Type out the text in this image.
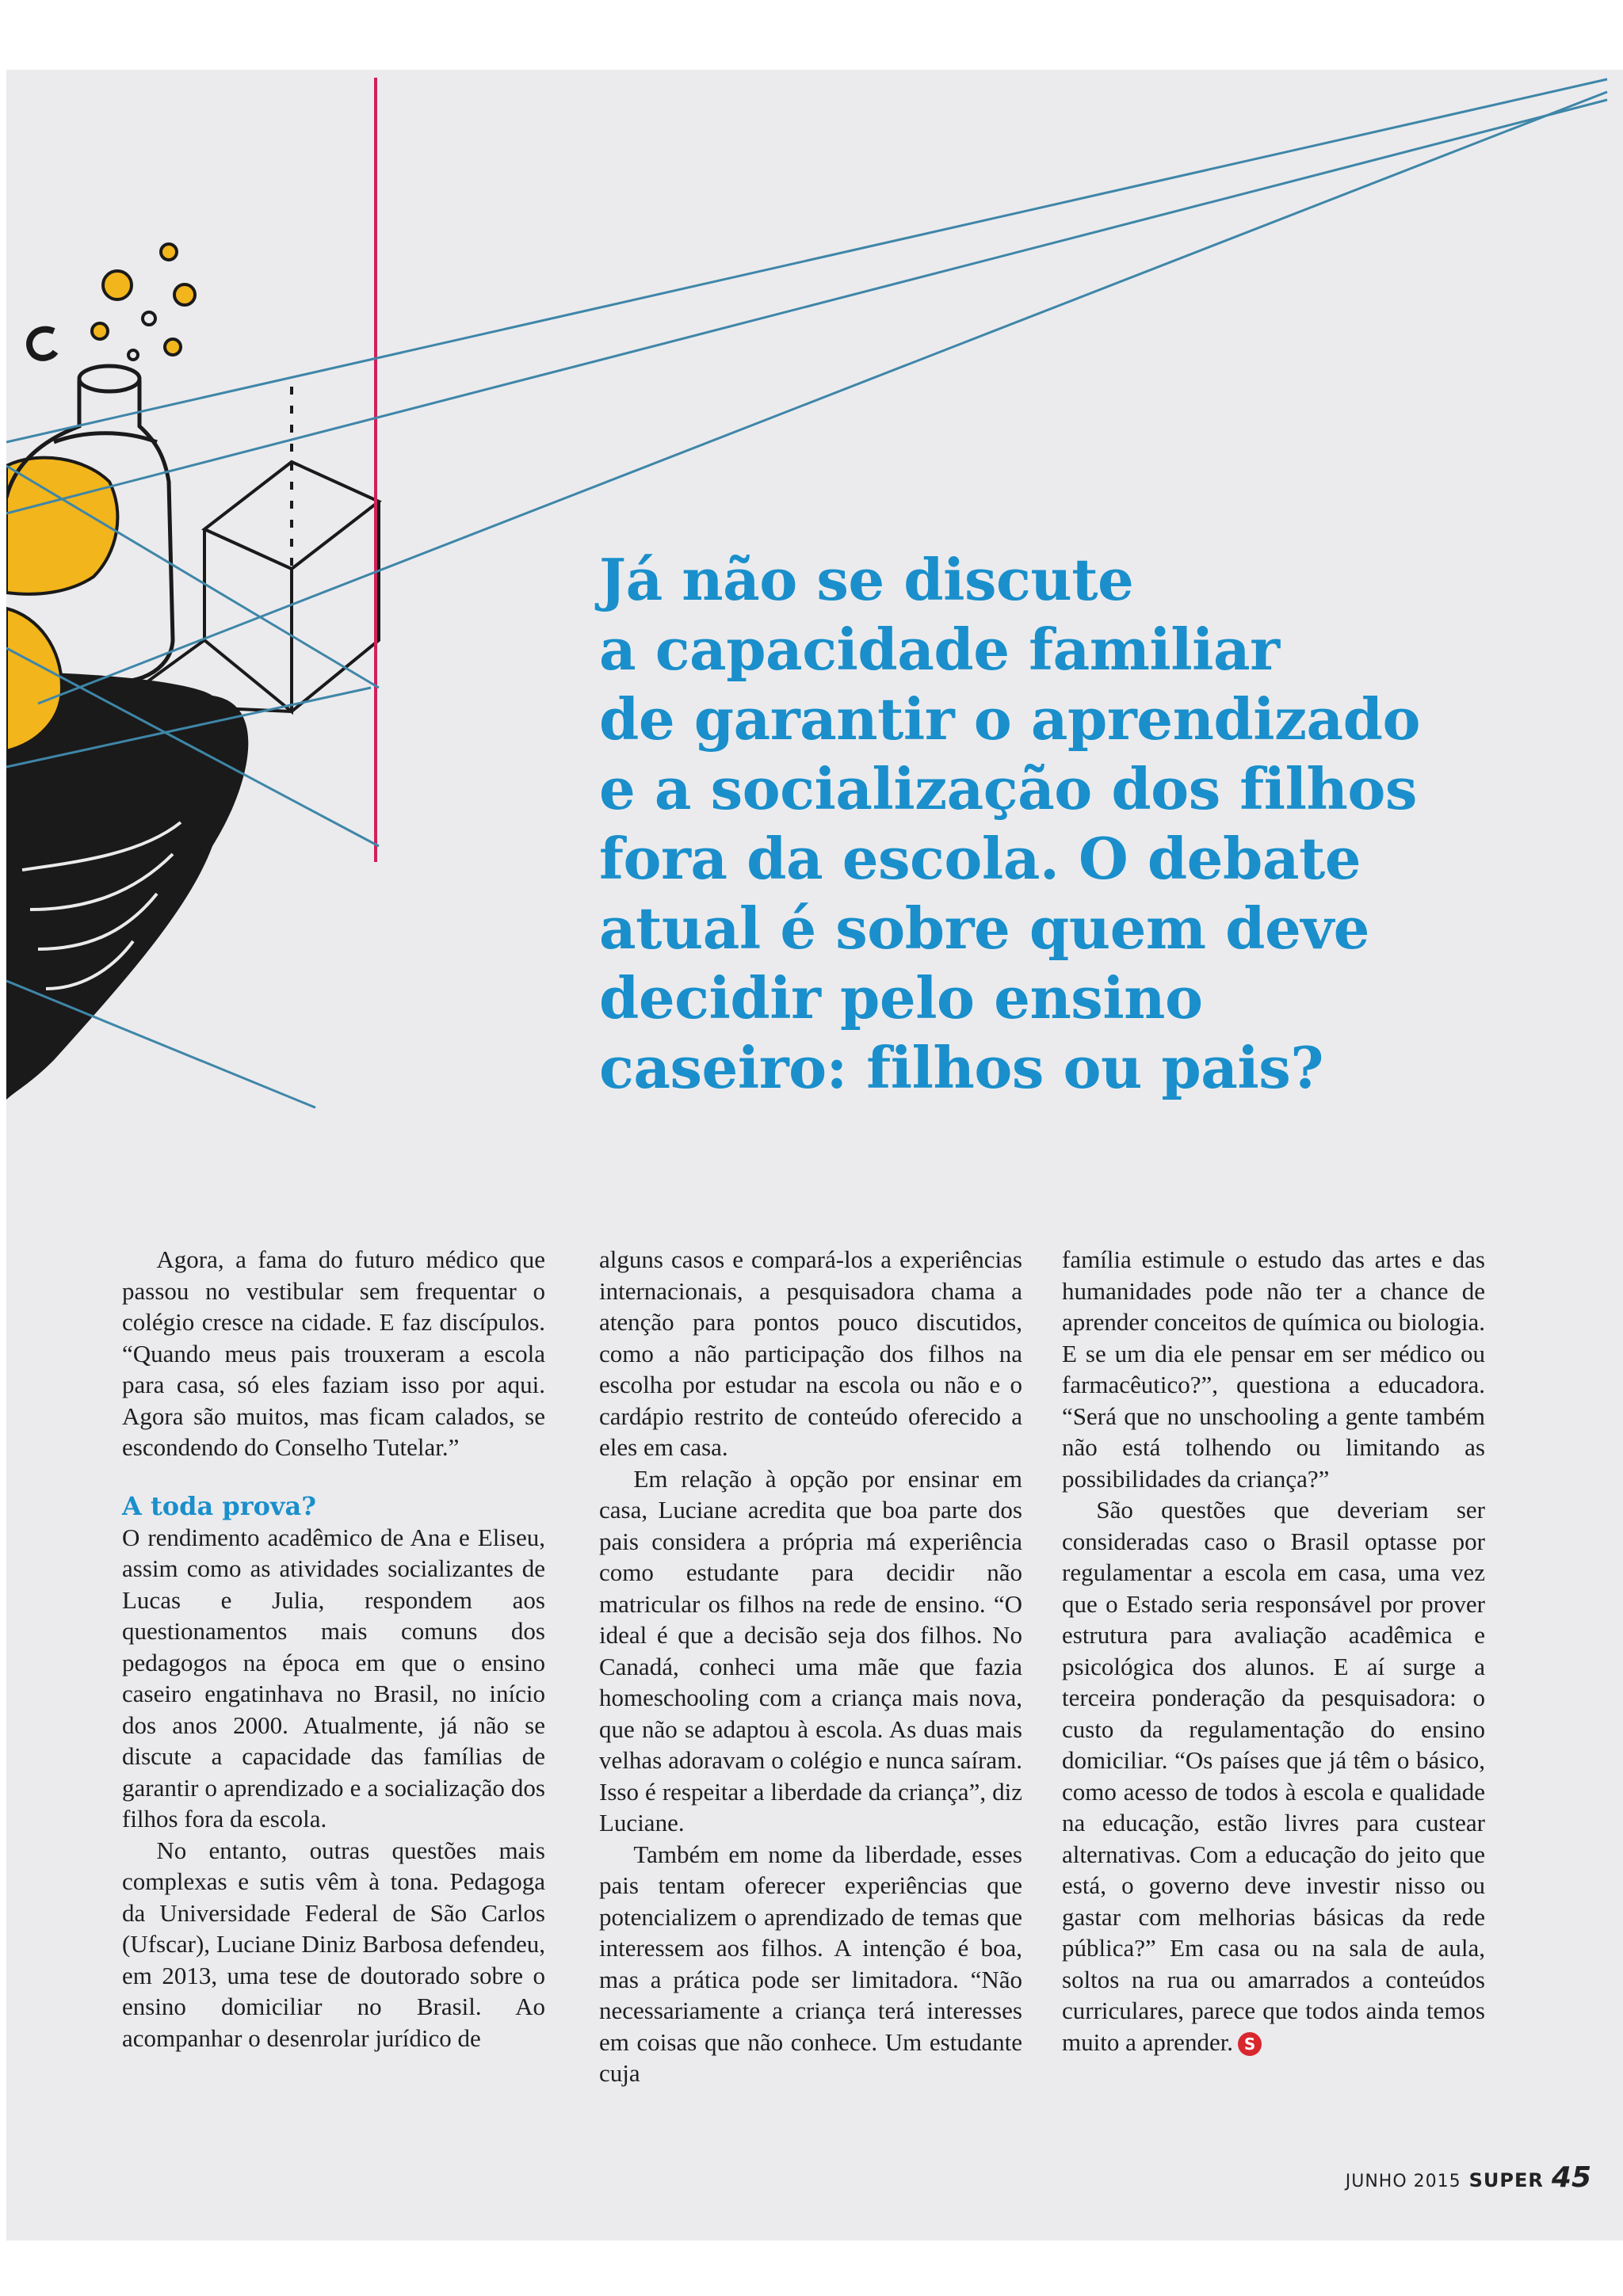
Já não se discute
a capacidade familiar
de garantir o aprendizado
e a socialização dos filhos
fora da escola. O debate
atual é sobre quem deve
decidir pelo ensino
caseiro: filhos ou pais?

Agora, a fama do futuro médico que passou no vestibular sem frequentar o colégio cresce na cidade. E faz discípulos. “Quando meus pais trouxeram a escola para casa, só eles faziam isso por aqui. Agora são muitos, mas ficam calados, se escondendo do Conselho Tutelar.”

A toda prova?

O rendimento acadêmico de Ana e Eliseu, assim como as atividades socializantes de Lucas e Julia, respondem aos questionamentos mais comuns dos pedagogos na época em que o ensino caseiro engatinhava no Brasil, no início dos anos 2000. Atualmente, já não se discute a capacidade das famílias de garantir o aprendizado e a socialização dos filhos fora da escola.

No entanto, outras questões mais complexas e sutis vêm à tona. Pedagoga da Universidade Federal de São Carlos (Ufscar), Luciane Diniz Barbosa defendeu, em 2013, uma tese de doutorado sobre o ensino domiciliar no Brasil. Ao acompanhar o desenrolar jurídico de

alguns casos e compará-los a experiências internacionais, a pesquisadora chama a atenção para pontos pouco discutidos, como a não participação dos filhos na escolha por estudar na escola ou não e o cardápio restrito de conteúdo oferecido a eles em casa.

Em relação à opção por ensinar em casa, Luciane acredita que boa parte dos pais considera a própria má experiência como estudante para decidir não matricular os filhos na rede de ensino. “O ideal é que a decisão seja dos filhos. No Canadá, conheci uma mãe que fazia homeschooling com a criança mais nova, que não se adaptou à escola. As duas mais velhas adoravam o colégio e nunca saíram. Isso é respeitar a liberdade da criança”, diz Luciane.

Também em nome da liberdade, esses pais tentam oferecer experiências que potencializem o aprendizado de temas que interessem aos filhos. A intenção é boa, mas a prática pode ser limitadora. “Não necessariamente a criança terá interesses em coisas que não conhece. Um estudante cuja

família estimule o estudo das artes e das humanidades pode não ter a chance de aprender conceitos de química ou biologia. E se um dia ele pensar em ser médico ou farmacêutico?”, questiona a educadora. “Será que no unschooling a gente também não está tolhendo ou limitando as possibilidades da criança?”

São questões que deveriam ser consideradas caso o Brasil optasse por regulamentar a escola em casa, uma vez que o Estado seria responsável por prover estrutura para avaliação acadêmica e psicológica dos alunos. E aí surge a terceira ponderação da pesquisadora: o custo da regulamentação do ensino domiciliar. “Os países que já têm o básico, como acesso de todos à escola e qualidade na educação, estão livres para custear alternativas. Com a educação do jeito que está, o governo deve investir nisso ou gastar com melhorias básicas da rede pública?” Em casa ou na sala de aula, soltos na rua ou amarrados a conteúdos curriculares, parece que todos ainda temos muito a aprender. S

JUNHO 2015 SUPER 45
